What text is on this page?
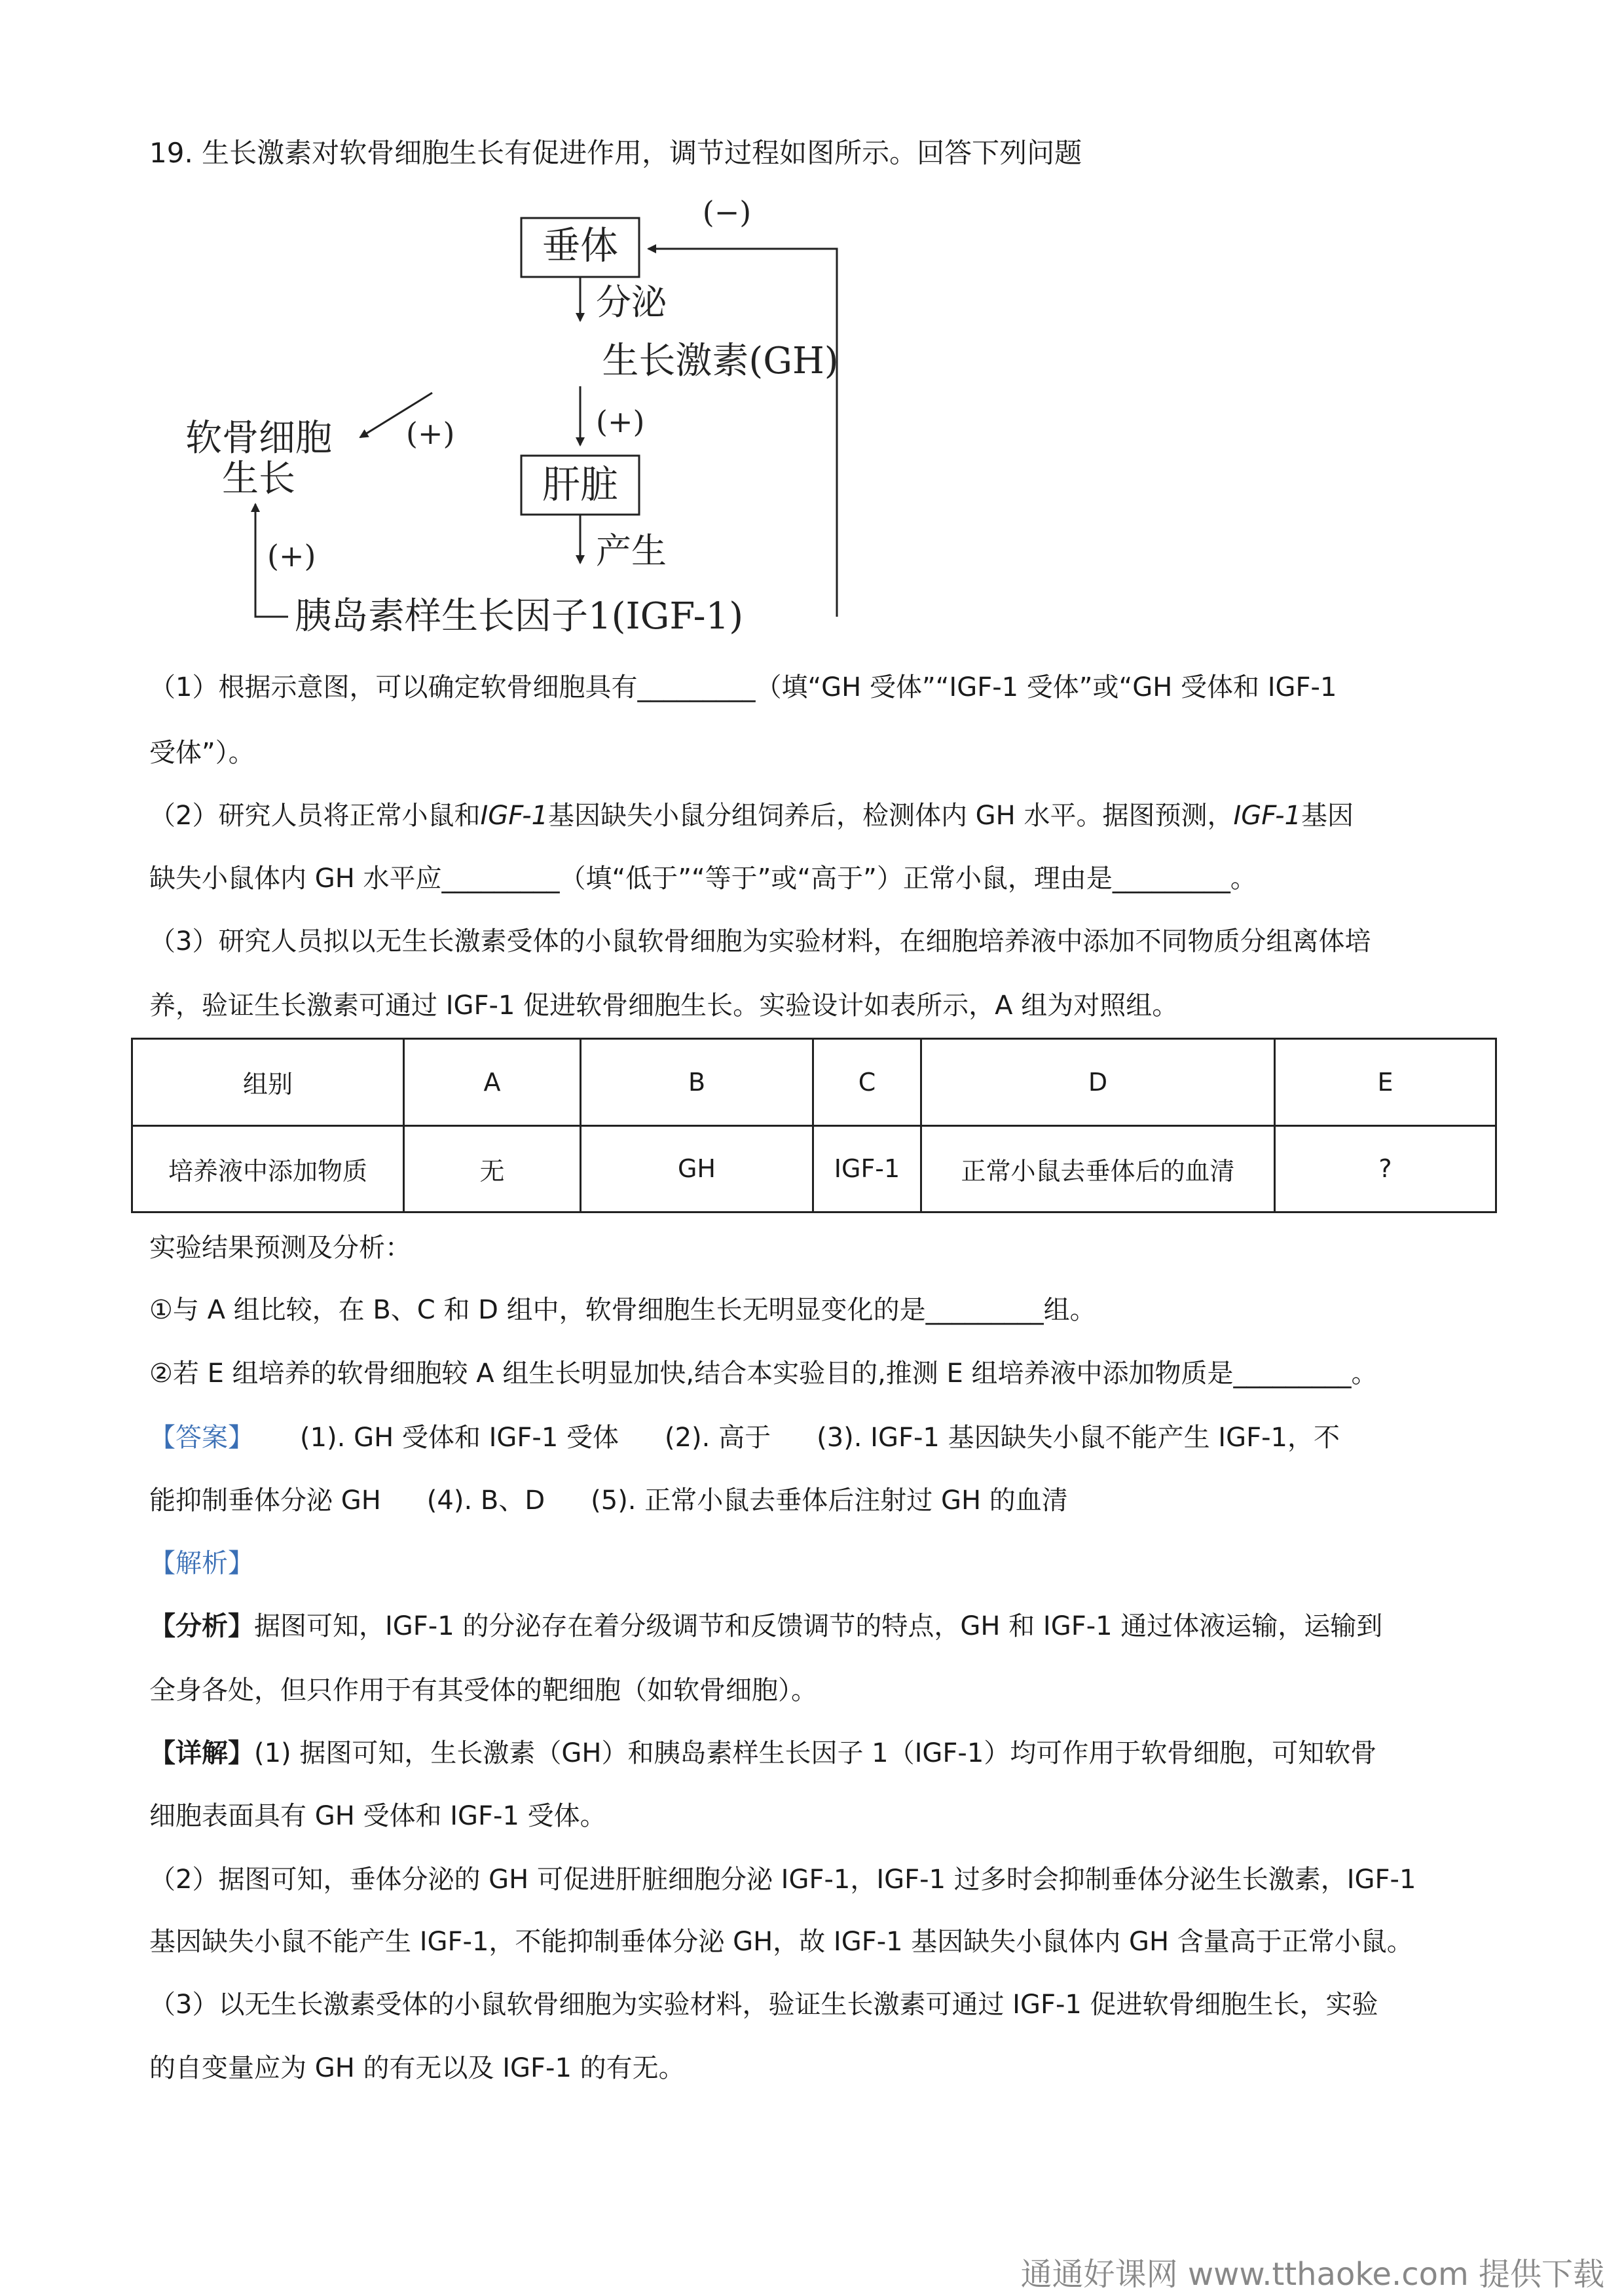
19. 生长激素对软骨细胞生长有促进作用，调节过程如图所示。回答下列问题
垂体
(−)
分泌
生长激素(GH)
(+)
(+)
软骨细胞
生长	肝脏
产生
胰岛素样生长因子1(IGF-1)
(+)
（1）根据示意图，可以确定软骨细胞具有_________（填“GH 受体”“IGF-1 受体”或“GH 受体和 IGF-1
受体”）。
（2）研究人员将正常小鼠和IGF-1基因缺失小鼠分组饲养后，检测体内 GH 水平。据图预测，IGF-1基因
缺失小鼠体内 GH 水平应_________（填“低于”“等于”或“高于”）正常小鼠，理由是_________。
（3）研究人员拟以无生长激素受体的小鼠软骨细胞为实验材料，在细胞培养液中添加不同物质分组离体培
养，验证生长激素可通过 IGF-1 促进软骨细胞生长。实验设计如表所示，A 组为对照组。
组别	A	B	C	D	E
培养液中添加物质	无	GH	IGF-1	正常小鼠去垂体后的血清	?
实验结果预测及分析：
①与 A 组比较，在 B、C 和 D 组中，软骨细胞生长无明显变化的是_________组。
②若 E 组培养的软骨细胞较 A 组生长明显加快,结合本实验目的,推测 E 组培养液中添加物质是_________。
【答案】 (1). GH 受体和 IGF-1 受体 (2). 高于 (3). IGF-1 基因缺失小鼠不能产生 IGF-1，不
能抑制垂体分泌 GH (4). B、D (5). 正常小鼠去垂体后注射过 GH 的血清
【解析】
【分析】据图可知，IGF-1 的分泌存在着分级调节和反馈调节的特点，GH 和 IGF-1 通过体液运输，运输到
全身各处，但只作用于有其受体的靶细胞（如软骨细胞）。
【详解】(1) 据图可知，生长激素（GH）和胰岛素样生长因子 1（IGF-1）均可作用于软骨细胞，可知软骨
细胞表面具有 GH 受体和 IGF-1 受体。
（2）据图可知，垂体分泌的 GH 可促进肝脏细胞分泌 IGF-1，IGF-1 过多时会抑制垂体分泌生长激素，IGF-1
基因缺失小鼠不能产生 IGF-1，不能抑制垂体分泌 GH，故 IGF-1 基因缺失小鼠体内 GH 含量高于正常小鼠。
（3）以无生长激素受体的小鼠软骨细胞为实验材料，验证生长激素可通过 IGF-1 促进软骨细胞生长，实验
的自变量应为 GH 的有无以及 IGF-1 的有无。
通通好课网 www.tthaoke.com 提供下载
